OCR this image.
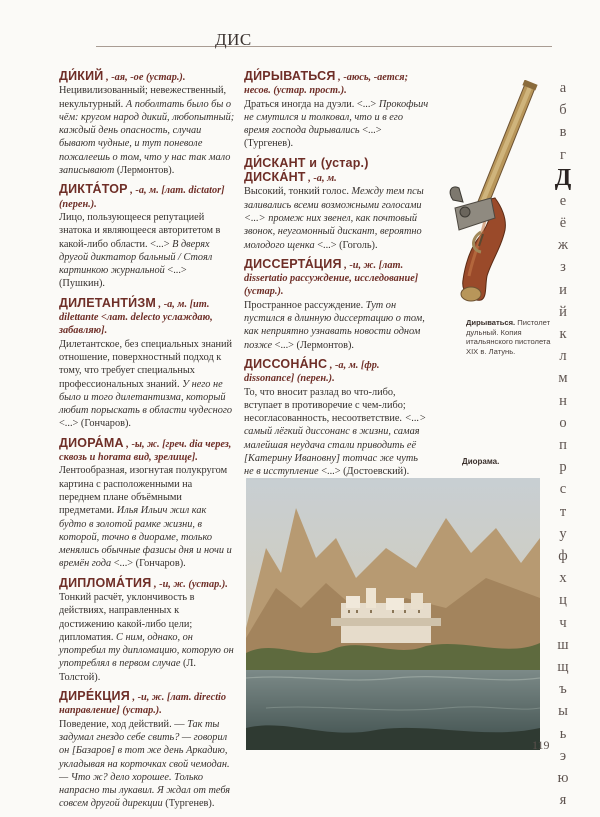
ДИС
а
б
в
г
Д
е
ё
ж
з
и
й
к
л
м
н
о
п
р
с
т
у
ф
х
ц
ч
ш
щ
ъ
ы
ь
э
ю
я
ДИ́КИЙ , -ая, -ое (устар.).
Нецивилизованный; невежественный, некультурный. А поболтать было бы о чём: кругом народ дикий, любопытный; каждый день опасность, случаи бывают чудные, и тут поневоле пожалеешь о том, что у нас так мало записывают (Лермонтов).
ДИКТА́ТОР , -а, м. [лат. dictator] (перен.).
Лицо, пользующееся репутацией знатока и являющееся авторитетом в какой-либо области. <...> В дверях другой диктатор бальный / Стоял картинкою журнальной <...> (Пушкин).
ДИЛЕТАНТИ́ЗМ , -а, м. [ит. dilettante <лат. delecto услаждаю, забавляю].
Дилетантское, без специальных знаний отношение, поверхностный подход к тому, что требует специальных профессиональных знаний. У него не было и того дилетантизма, который любит порыскать в области чудесного <...> (Гончаров).
ДИОРА́МА , -ы, ж. [греч. dia через, сквозь и horama вид, зрелище].
Лентообразная, изогнутая полукругом картина с расположенными на переднем плане объёмными предметами. Илья Ильич жил как будто в золотой рамке жизни, в которой, точно в диораме, только менялись обычные фазисы дня и ночи и времён года <...> (Гончаров).
ДИПЛОМА́ТИЯ , -и, ж. (устар.).
Тонкий расчёт, уклончивость в действиях, направленных к достижению какой-либо цели; дипломатия. С ним, однако, он употребил ту дипломацию, которую он употреблял в первом случае (Л. Толстой).
ДИРЕ́КЦИЯ , -и, ж. [лат. directio направление] (устар.).
Поведение, ход действий. — Так ты задумал гнездо себе свить? — говорил он [Базаров] в тот же день Аркадию, укладывая на корточках свой чемодан. — Что ж? дело хорошее. Только напрасно ты лукавил. Я ждал от тебя совсем другой дирекции (Тургенев).
ДИ́РЫВАТЬСЯ , -аюсь, -ается; несов. (устар. прост.).
Драться иногда на дуэли. <...> Прокофьич не смутился и толковал, что и в его время господа дирывались <...> (Тургенев).
ДИ́СКАНТ и (устар.) ДИСКА́НТ , -а, м.
Высокий, тонкий голос. Между тем псы заливались всеми возможными голосами <...> промеж них звенел, как почтовый звонок, неугомонный дискант, вероятно молодого щенка <...> (Гоголь).
ДИССЕРТА́ЦИЯ , -и, ж. [лат. dissertatio рассуждение, исследование] (устар.).
Пространное рассуждение. Тут он пустился в длинную диссертацию о том, как неприятно узнавать новости одном позже <...> (Лермонтов).
ДИССОНА́НС , -а, м. [фр. dissonance] (перен.).
То, что вносит разлад во что-либо, вступает в противоречие с чем-либо; несогласованность, несоответствие. <...> самый лёгкий диссонанс в жизни, самая малейшая неудача стали приводить её [Катерину Ивановну] тотчас же чуть не в исступление <...> (Достоевский).
Дирываться. Пистолет дульный. Копия итальянского пистолета XIX в. Латунь.
Диорама.
119
